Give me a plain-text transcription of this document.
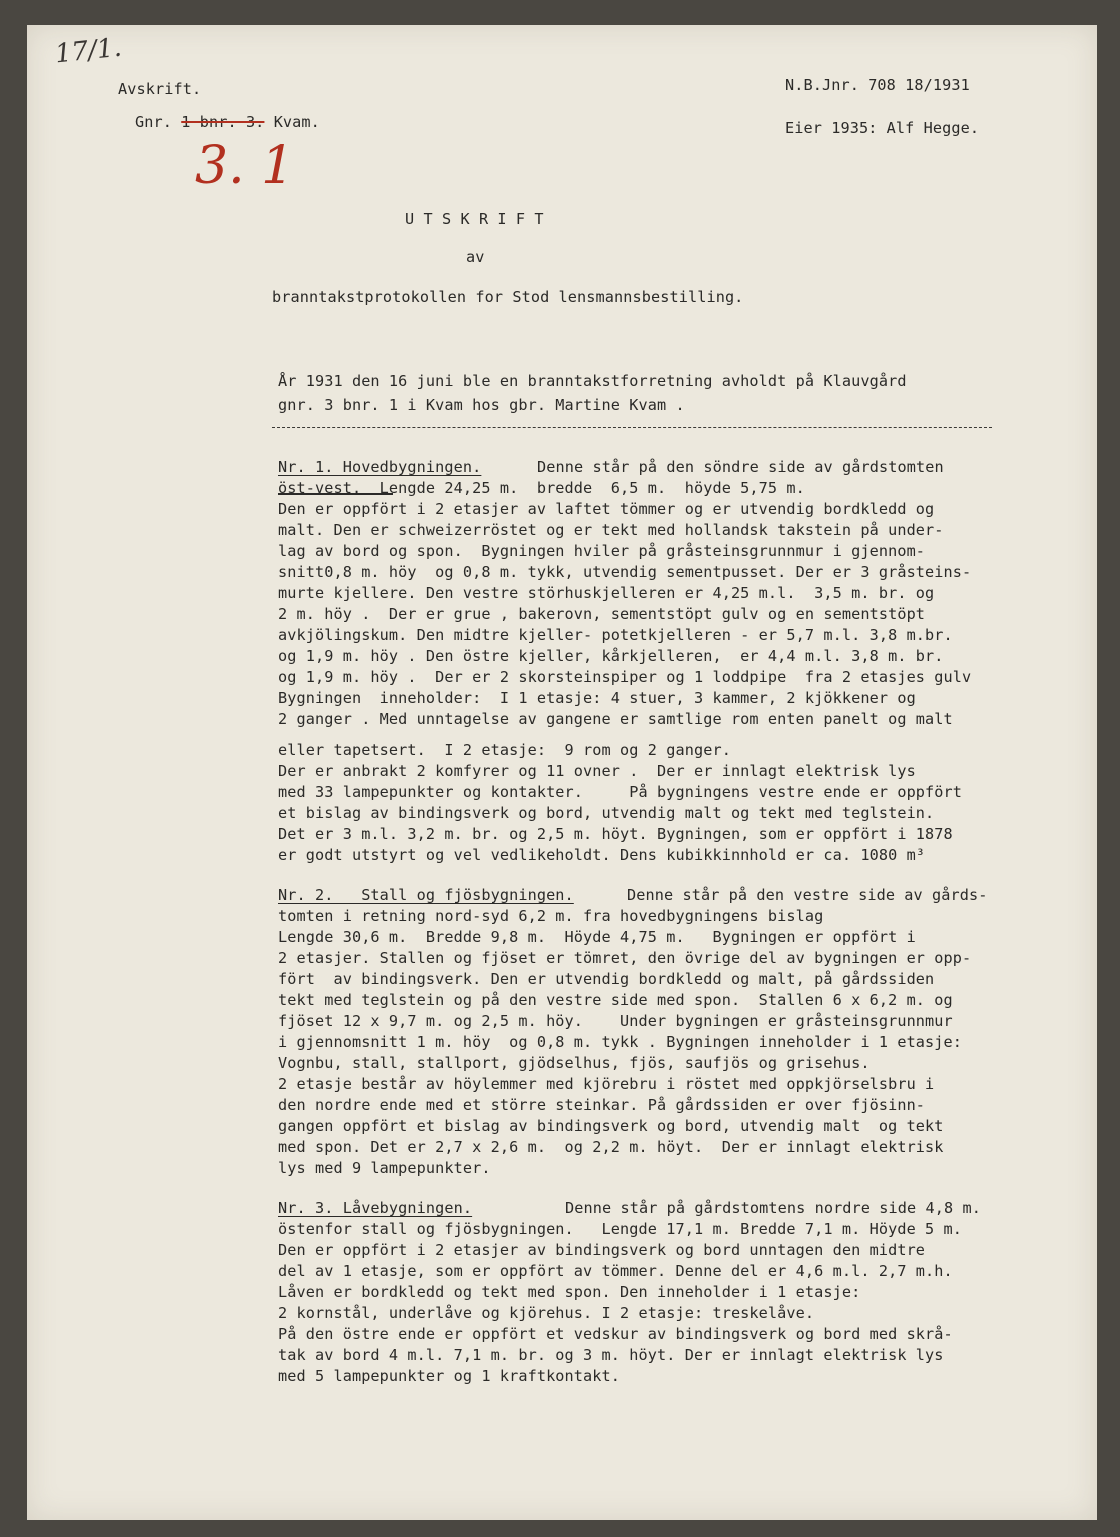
17/1.
Avskrift.
Gnr. 1 bnr. 3. Kvam.
3. 1
N.B.Jnr. 708 18/1931
Eier 1935: Alf Hegge.
U T S K R I F T
av
branntakstprotokollen for Stod lensmannsbestilling.
År 1931 den 16 juni ble en branntakstforretning avholdt på Klauvgård
gnr. 3 bnr. 1 i Kvam hos gbr. Martine Kvam .
Nr. 1. Hovedbygningen.	Denne står på den söndre side av gårdstomten
öst-vest.  Lengde 24,25 m.  bredde  6,5 m.  höyde 5,75 m.
Den er oppfört i 2 etasjer av laftet tömmer og er utvendig bordkledd og
malt. Den er schweizerröstet og er tekt med hollandsk takstein på under-
lag av bord og spon.  Bygningen hviler på gråsteinsgrunnmur i gjennom-
snitt0,8 m. höy  og 0,8 m. tykk, utvendig sementpusset. Der er 3 gråsteins-
murte kjellere. Den vestre störhuskjelleren er 4,25 m.l.  3,5 m. br. og
2 m. höy .  Der er grue , bakerovn, sementstöpt gulv og en sementstöpt
avkjölingskum. Den midtre kjeller- potetkjelleren - er 5,7 m.l. 3,8 m.br.
og 1,9 m. höy . Den östre kjeller, kårkjelleren,  er 4,4 m.l. 3,8 m. br.
og 1,9 m. höy .  Der er 2 skorsteinspiper og 1 loddpipe  fra 2 etasjes gulv
Bygningen  inneholder:  I 1 etasje: 4 stuer, 3 kammer, 2 kjökkener og
2 ganger . Med unntagelse av gangene er samtlige rom enten panelt og malt
eller tapetsert.  I 2 etasje:  9 rom og 2 ganger.
Der er anbrakt 2 komfyrer og 11 ovner .  Der er innlagt elektrisk lys
med 33 lampepunkter og kontakter.     På bygningens vestre ende er oppfört
et bislag av bindingsverk og bord, utvendig malt og tekt med teglstein.
Det er 3 m.l. 3,2 m. br. og 2,5 m. höyt. Bygningen, som er oppfört i 1878
er godt utstyrt og vel vedlikeholdt. Dens kubikkinnhold er ca. 1080 m³
Nr. 2.   Stall og fjösbygningen.	Denne står på den vestre side av gårds-
tomten i retning nord-syd 6,2 m. fra hovedbygningens bislag
Lengde 30,6 m.  Bredde 9,8 m.  Höyde 4,75 m.   Bygningen er oppfört i
2 etasjer. Stallen og fjöset er tömret, den övrige del av bygningen er opp-
fört  av bindingsverk. Den er utvendig bordkledd og malt, på gårdssiden
tekt med teglstein og på den vestre side med spon.  Stallen 6 x 6,2 m. og
fjöset 12 x 9,7 m. og 2,5 m. höy.    Under bygningen er gråsteinsgrunnmur
i gjennomsnitt 1 m. höy  og 0,8 m. tykk . Bygningen inneholder i 1 etasje:
Vognbu, stall, stallport, gjödselhus, fjös, saufjös og grisehus.
2 etasje består av höylemmer med kjörebru i röstet med oppkjörselsbru i
den nordre ende med et större steinkar. På gårdssiden er over fjösinn-
gangen oppfört et bislag av bindingsverk og bord, utvendig malt  og tekt
med spon. Det er 2,7 x 2,6 m.  og 2,2 m. höyt.  Der er innlagt elektrisk
lys med 9 lampepunkter.
Nr. 3. Låvebygningen.	Denne står på gårdstomtens nordre side 4,8 m.
östenfor stall og fjösbygningen.   Lengde 17,1 m. Bredde 7,1 m. Höyde 5 m.
Den er oppfört i 2 etasjer av bindingsverk og bord unntagen den midtre
del av 1 etasje, som er oppfört av tömmer. Denne del er 4,6 m.l. 2,7 m.h.
Låven er bordkledd og tekt med spon. Den inneholder i 1 etasje:
2 kornstål, underlåve og kjörehus. I 2 etasje: treskelåve.
På den östre ende er oppfört et vedskur av bindingsverk og bord med skrå-
tak av bord 4 m.l. 7,1 m. br. og 3 m. höyt. Der er innlagt elektrisk lys
med 5 lampepunkter og 1 kraftkontakt.
